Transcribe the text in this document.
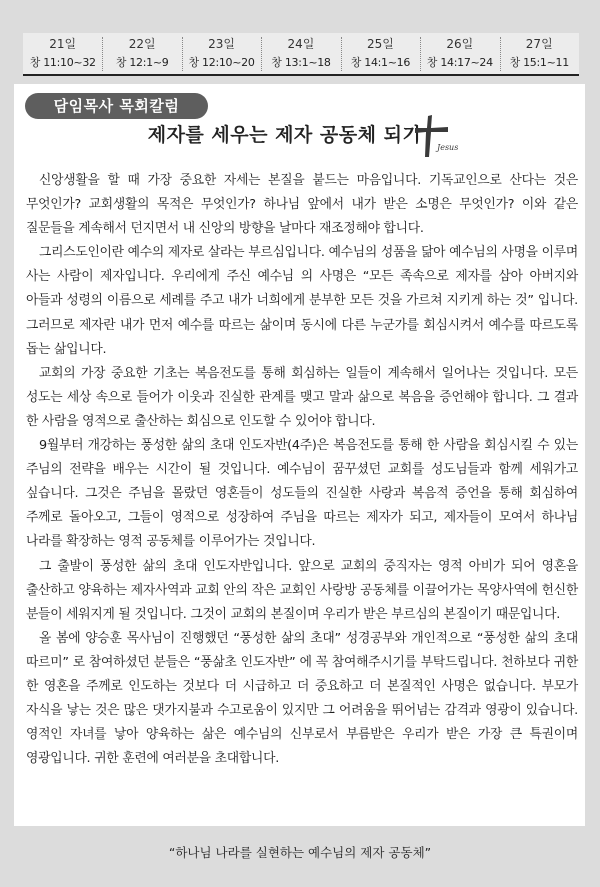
21일
창 11:10~32
22일
창 12:1~9
23일
창 12:10~20
24일
창 13:1~18
25일
창 14:1~16
26일
창 14:17~24
27일
창 15:1~11
담임목사 목회칼럼
제자를 세우는 제자 공동체 되기
Jesus

신앙생활을 할 때 가장 중요한 자세는 본질을 붙드는 마음입니다. 기독교인으로 산다는 것은 무엇인가? 교회생활의 목적은 무엇인가? 하나님 앞에서 내가 받은 소명은 무엇인가? 이와 같은 질문들을 계속해서 던지면서 내 신앙의 방향을 날마다 재조정해야 합니다.

그리스도인이란 예수의 제자로 살라는 부르심입니다. 예수님의 성품을 닮아 예수님의 사명을 이루며 사는 사람이 제자입니다. 우리에게 주신 예수님 의 사명은 “모든 족속으로 제자를 삼아 아버지와 아들과 성령의 이름으로 세례를 주고 내가 너희에게 분부한 모든 것을 가르쳐 지키게 하는 것” 입니다. 그러므로 제자란 내가 먼저 예수를 따르는 삶이며 동시에 다른 누군가를 회심시켜서 예수를 따르도록 돕는 삶입니다.

교회의 가장 중요한 기초는 복음전도를 통해 회심하는 일들이 계속해서 일어나는 것입니다. 모든 성도는 세상 속으로 들어가 이웃과 진실한 관계를 맺고 말과 삶으로 복음을 증언해야 합니다. 그 결과 한 사람을 영적으로 출산하는 회심으로 인도할 수 있어야 합니다.

9월부터 개강하는 풍성한 삶의 초대 인도자반(4주)은 복음전도를 통해 한 사람을 회심시킬 수 있는 주님의 전략을 배우는 시간이 될 것입니다. 예수님이 꿈꾸셨던 교회를 성도님들과 함께 세워가고 싶습니다. 그것은 주님을 몰랐던 영혼들이 성도들의 진실한 사랑과 복음적 증언을 통해 회심하여 주께로 돌아오고, 그들이 영적으로 성장하여 주님을 따르는 제자가 되고, 제자들이 모여서 하나님 나라를 확장하는 영적 공동체를 이루어가는 것입니다.

그 출발이 풍성한 삶의 초대 인도자반입니다. 앞으로 교회의 중직자는 영적 아비가 되어 영혼을 출산하고 양육하는 제자사역과 교회 안의 작은 교회인 사랑방 공동체를 이끌어가는 목양사역에 헌신한 분들이 세워지게 될 것입니다. 그것이 교회의 본질이며 우리가 받은 부르심의 본질이기 때문입니다.

올 봄에 양승훈 목사님이 진행했던 “풍성한 삶의 초대” 성경공부와 개인적으로 “풍성한 삶의 초대 따르미” 로 참여하셨던 분들은 “풍삶초 인도자반” 에 꼭 참여해주시기를 부탁드립니다. 천하보다 귀한 한 영혼을 주께로 인도하는 것보다 더 시급하고 더 중요하고 더 본질적인 사명은 없습니다. 부모가 자식을 낳는 것은 많은 댓가지불과 수고로움이 있지만 그 어려움을 뛰어넘는 감격과 영광이 있습니다. 영적인 자녀를 낳아 양육하는 삶은 예수님의 신부로서 부름받은 우리가 받은 가장 큰 특권이며 영광입니다. 귀한 훈련에 여러분을 초대합니다.

“하나님 나라를 실현하는 예수님의 제자 공동체”
